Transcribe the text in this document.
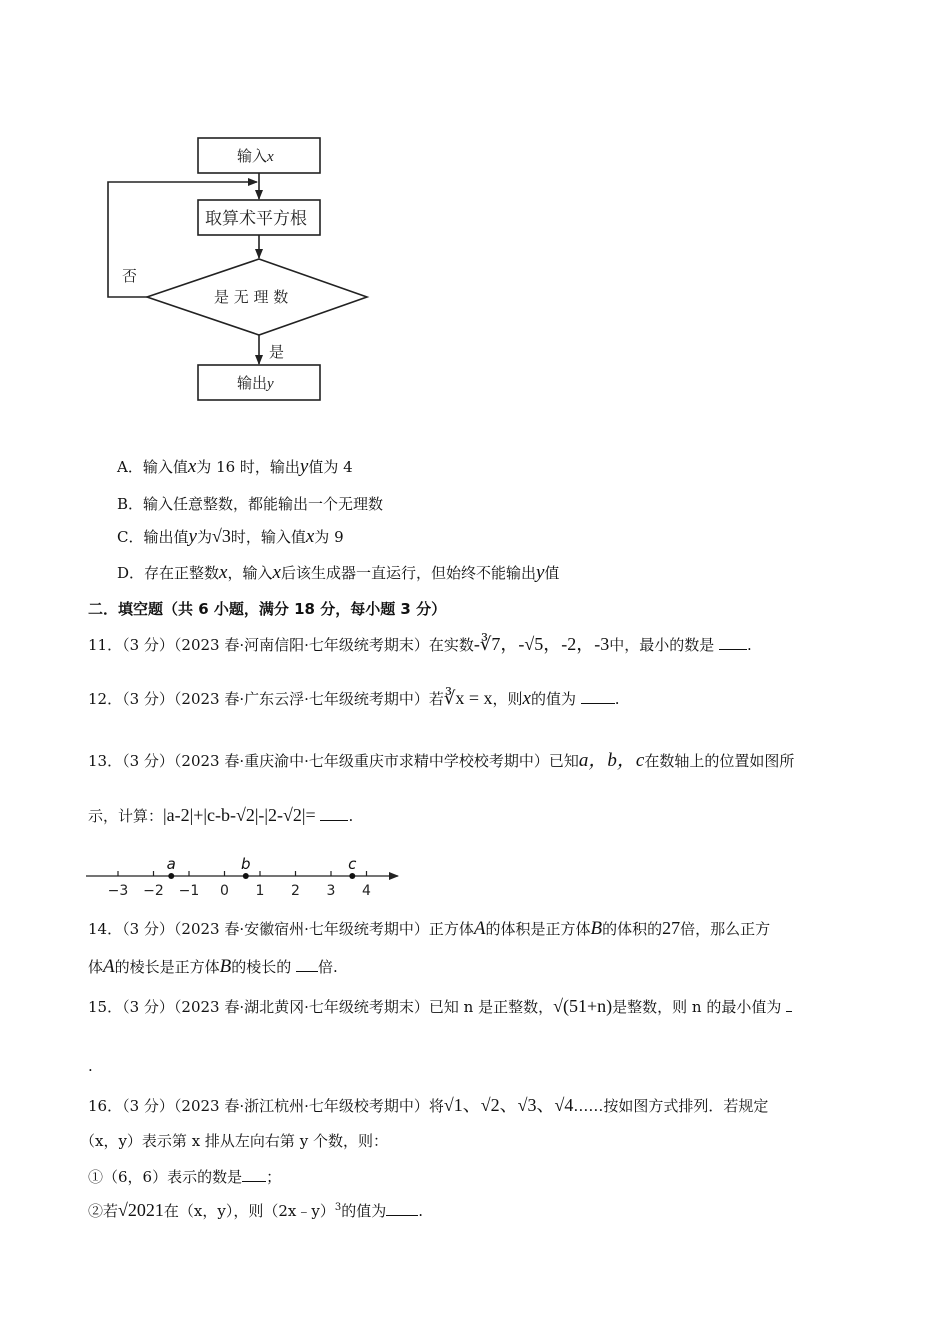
输入x
取算术平方根
是 无 理 数
否
是
输出y
A．输入值x为 16 时，输出y值为 4
B．输入任意整数，都能输出一个无理数
C．输出值y为√3时，输入值x为 9
D．存在正整数x，输入x后该生成器一直运行，但始终不能输出y值
二．填空题（共 6 小题，满分 18 分，每小题 3 分）
11．（3 分）（2023 春·河南信阳·七年级统考期末）在实数-∛7，-√5，-2，-3中，最小的数是 .
12．（3 分）（2023 春·广东云浮·七年级统考期中）若∛x = x，则x的值为	.
13．（3 分）（2023 春·重庆渝中·七年级重庆市求精中学校校考期中）已知a，b，c在数轴上的位置如图所
示，计算：|a-2|+|c-b-√2|-|2-√2|= .
−3 −2 −1 0 1 2 3 4
a	b	c
14．（3 分）（2023 春·安徽宿州·七年级统考期中）正方体A的体积是正方体B的体积的27倍，那么正方
体A的棱长是正方体B的棱长的 倍.
15．（3 分）（2023 春·湖北黄冈·七年级统考期末）已知 n 是正整数，√(51+n)是整数，则 n 的最小值为
.
16．（3 分）（2023 春·浙江杭州·七年级校考期中）将√1、√2、√3、√4……按如图方式排列．若规定
（x，y）表示第 x 排从左向右第 y 个数，则：
①（6，6）表示的数是 ；
②若√2021在（x，y），则（2x﹣y）$^3$的值为 .
